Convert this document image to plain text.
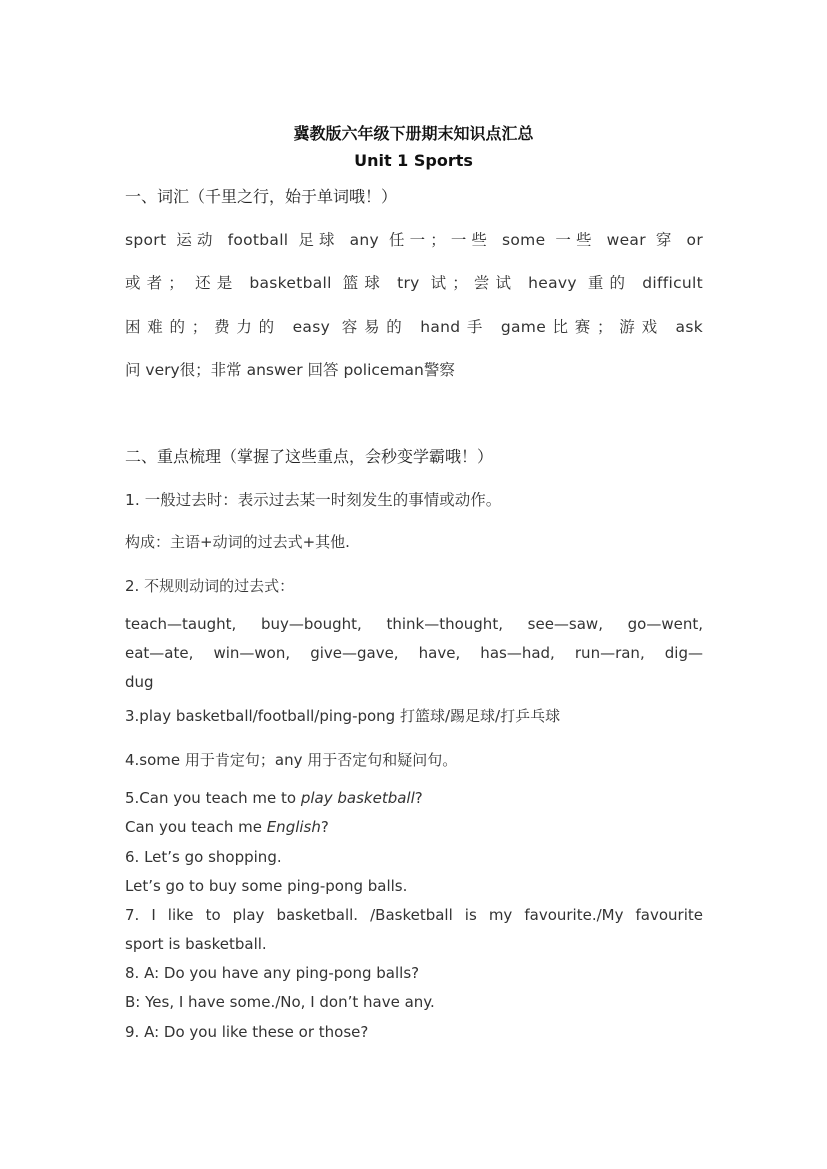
冀教版六年级下册期末知识点汇总
Unit 1 Sports
一、词汇（千里之行，始于单词哦！）
sport 运动 football 足球 any 任一；一些 some 一些 wear 穿 or
或者； 还是 basketball 篮球 try 试；尝试 heavy 重的 difficult
困难的；费力的 easy 容易的 hand手 game比赛；游戏 ask
问 very很；非常 answer 回答 policeman警察
二、重点梳理（掌握了这些重点，会秒变学霸哦！）
1. 一般过去时：表示过去某一时刻发生的事情或动作。
构成：主语+动词的过去式+其他.
2. 不规则动词的过去式：
teach—taught, buy—bought, think—thought, see—saw, go—went,
eat—ate, win—won, give—gave, have, has—had, run—ran, dig—
dug
3.play basketball/football/ping-pong 打篮球/踢足球/打乒乓球
4.some 用于肯定句；any 用于否定句和疑问句。
5.Can you teach me to play basketball?
Can you teach me English?
6. Let’s go shopping.
Let’s go to buy some ping-pong balls.
7. I like to play basketball. /Basketball is my favourite./My favourite
sport is basketball.
8. A: Do you have any ping-pong balls?
B: Yes, I have some./No, I don’t have any.
9. A: Do you like these or those?
